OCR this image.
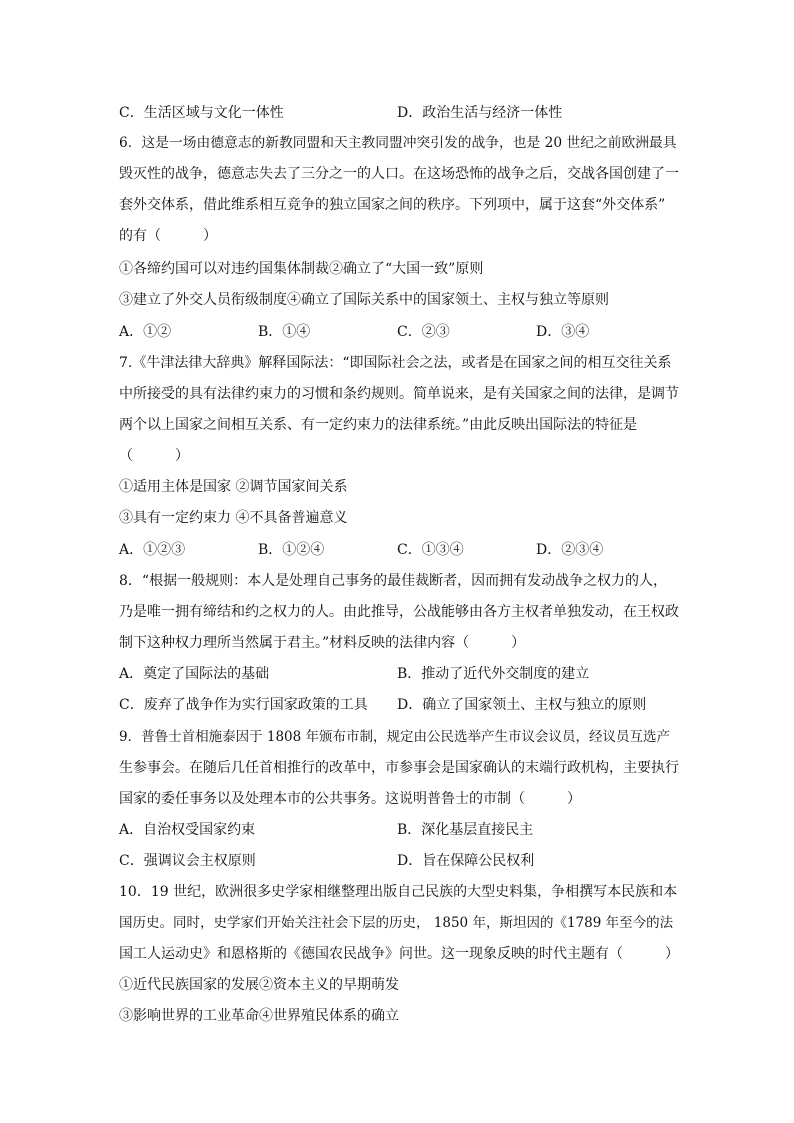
C．生活区域与文化一体性	D．政治生活与经济一体性
6．这是一场由德意志的新教同盟和天主教同盟冲突引发的战争，也是 20 世纪之前欧洲最具
毁灭性的战争，德意志失去了三分之一的人口。在这场恐怖的战争之后，交战各国创建了一
套外交体系，借此维系相互竞争的独立国家之间的秩序。下列项中，属于这套“外交体系”
的有（　　　）
①各缔约国可以对违约国集体制裁②确立了“大国一致”原则
③建立了外交人员衔级制度④确立了国际关系中的国家领土、主权与独立等原则
A．①②	B．①④	C．②③	D．③④
7.《牛津法律大辞典》解释国际法：“即国际社会之法，或者是在国家之间的相互交往关系
中所接受的具有法律约束力的习惯和条约规则。简单说来，是有关国家之间的法律，是调节
两个以上国家之间相互关系、有一定约束力的法律系统。”由此反映出国际法的特征是
（　　　）
①适用主体是国家 ②调节国家间关系
③具有一定约束力 ④不具备普遍意义
A．①②③	B．①②④	C．①③④	D．②③④
8．“根据一般规则：本人是处理自己事务的最佳裁断者，因而拥有发动战争之权力的人，
乃是唯一拥有缔结和约之权力的人。由此推导，公战能够由各方主权者单独发动，在王权政
制下这种权力理所当然属于君主。”材料反映的法律内容（　　　）
A．奠定了国际法的基础	B．推动了近代外交制度的建立
C．废弃了战争作为实行国家政策的工具 D．确立了国家领土、主权与独立的原则
9．普鲁士首相施泰因于 1808 年颁布市制，规定由公民选举产生市议会议员，经议员互选产
生参事会。在随后几任首相推行的改革中，市参事会是国家确认的末端行政机构，主要执行
国家的委任事务以及处理本市的公共事务。这说明普鲁士的市制（　　　）
A．自治权受国家约束	B．深化基层直接民主
C．强调议会主权原则	D．旨在保障公民权利
10．19 世纪，欧洲很多史学家相继整理出版自己民族的大型史料集，争相撰写本民族和本
国历史。同时，史学家们开始关注社会下层的历史， 1850 年，斯坦因的《1789 年至今的法
国工人运动史》和恩格斯的《德国农民战争》问世。这一现象反映的时代主题有（　　　）
①近代民族国家的发展②资本主义的早期萌发
③影响世界的工业革命④世界殖民体系的确立
